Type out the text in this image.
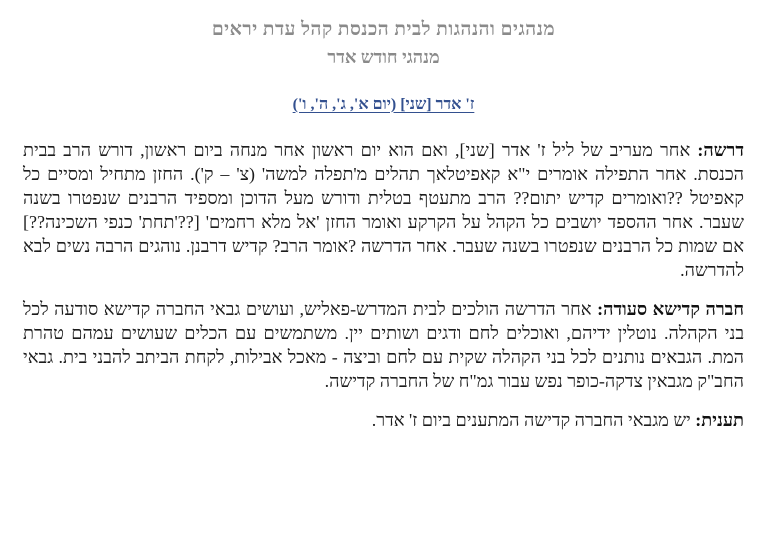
מנהגים והנהגות לבית הכנסת קהל עדת יראים
מנהגי חודש אדר
ז' אדר [שני] (יום א', ג', ה', ו')

דרשה: אחר מעריב של ליל ז' אדר [שני], ואם הוא יום ראשון אחר מנחה ביום ראשון, דורש הרב בבית הכנסת. אחר התפילה אומרים י"א קאפיטלאך תהלים מ'תפלה למשה' (צ' – ק'). החזן מתחיל ומסיים כל קאפיטל ??ואומרים קדיש יתום?? הרב מתעטף בטלית ודורש מעל הדוכן ומספיד הרבנים שנפטרו בשנה שעבר. אחר ההספד יושבים כל הקהל על הקרקע ואומר החזן 'אל מלא רחמים' [??'תחת' כנפי השכינה??] אם שמות כל הרבנים שנפטרו בשנה שעבר. אחר הדרשה ?אומר הרב? קדיש דרבנן. נוהגים הרבה נשים לבא להדרשה.

חברה קדישא סעודה: אחר הדרשה הולכים לבית המדרש-פאליש, ועושים גבאי החברה קדישא סודעה לכל בני הקהלה. נוטלין ידיהם, ואוכלים לחם ודגים ושותים יין. משתמשים עם הכלים שעושים עמהם טהרת המת. הגבאים נותנים לכל בני הקהלה שקית עם לחם וביצה - מאכל אבילות, לקחת הביתב להבני בית. גבאי החב"ק מגבאין צדקה-כופר נפש עבור גמ"ח של החברה קדישה.

תענית: יש מגבאי החברה קדישה המתענים ביום ז' אדר.
